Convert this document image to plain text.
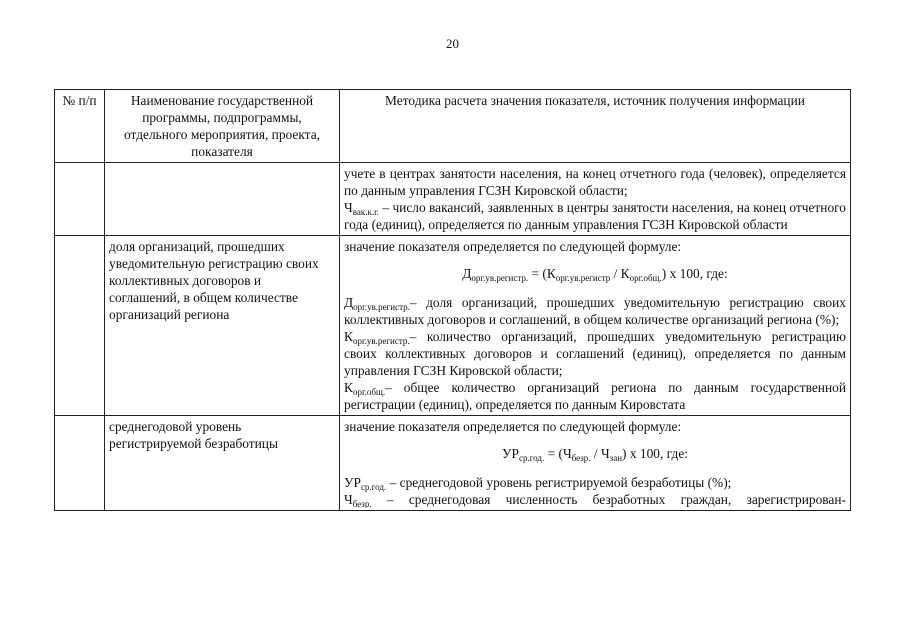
20
№ п/п	Наименование государственной программы, подпрограммы, отдельного мероприятия, проекта, показателя	Методика расчета значения показателя, источник получения информации

		учете в центрах занятости населения, на конец отчетного года (человек), определяется по данным управления ГСЗН Кировской области;

$Ч_{вак.к.г.}$ – число вакансий, заявленных в центры занятости населения, на конец отчетного года (единиц), определяется по данным управления ГСЗН Кировской области

	доля организаций, прошедших уведомительную регистрацию своих коллективных договоров и соглашений, в общем количестве организаций региона	значение показателя определяется по следующей формуле:

$Д_{орг.ув.регистр.} = (К_{орг.ув.регистр} / К_{орг.общ.})$ х 100, где:

$Д_{орг.ув.регистр.}-$ доля организаций, прошедших уведомительную регистрацию своих коллективных договоров и соглашений, в общем количестве организаций региона (%);

$К_{орг.ув.регистр.}-$ количество организаций, прошедших уведомительную регистрацию своих коллективных договоров и соглашений (единиц), определяется по данным управления ГСЗН Кировской области;

$К_{орг.общ.}-$ общее количество организаций региона по данным государственной регистрации (единиц), определяется по данным Кировстата

	среднегодовой уровень регистрируемой безработицы	значение показателя определяется по следующей формуле:

$УР_{ср.год.} = (Ч_{безр.} / Ч_{зан})$ х 100, где:

$УР_{ср.год.}$ – среднегодовой уровень регистрируемой безработицы (%);

$Ч_{безр.}$ – среднегодовая численность безработных граждан, зарегистрирован-
